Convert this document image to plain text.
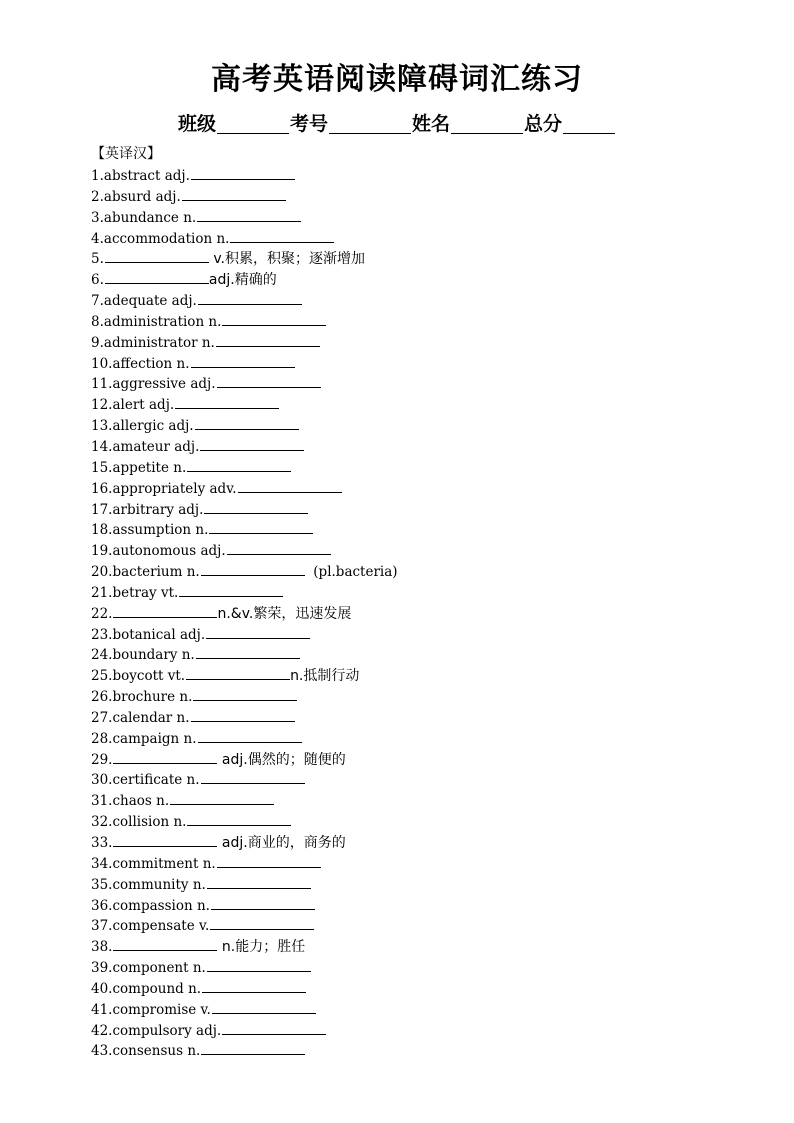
高考英语阅读障碍词汇练习
班级	考号	姓名	总分
【英译汉】
1.abstract adj.
2.absurd adj.
3.abundance n.
4.accommodation n.
5.	v.积累，积聚；逐渐增加
6.	adj.精确的
7.adequate adj.
8.administration n.
9.administrator n.
10.affection n.
11.aggressive adj.
12.alert adj.
13.allergic adj.
14.amateur adj.
15.appetite n.
16.appropriately adv.
17.arbitrary adj.
18.assumption n.
19.autonomous adj.
20.bacterium n.	(pl.bacteria)
21.betray vt.
22.	n.&v.繁荣，迅速发展
23.botanical adj.
24.boundary n.
25.boycott vt.	n.抵制行动
26.brochure n.
27.calendar n.
28.campaign n.
29.	adj.偶然的；随便的
30.certificate n.
31.chaos n.
32.collision n.
33.	adj.商业的，商务的
34.commitment n.
35.community n.
36.compassion n.
37.compensate v.
38.	n.能力；胜任
39.component n.
40.compound n.
41.compromise v.
42.compulsory adj.
43.consensus n.
